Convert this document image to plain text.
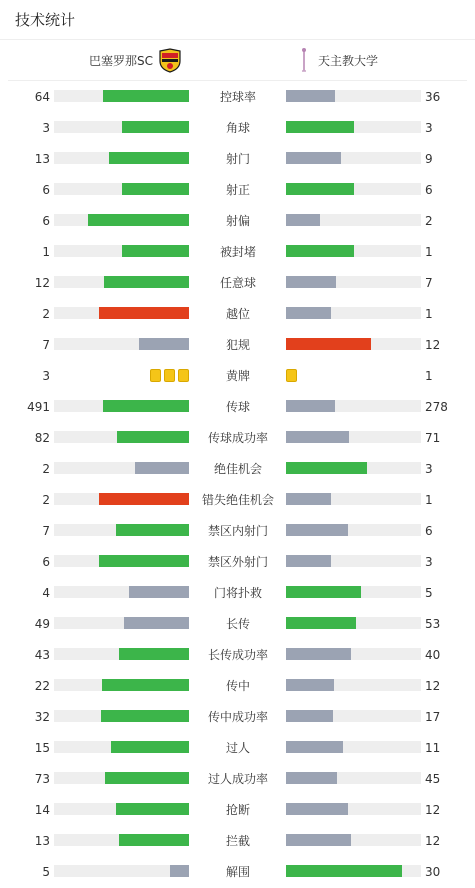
技术统计
巴塞罗那SC	天主教大学
64	控球率	36
3	角球	3
13	射门	9
6	射正	6
6	射偏	2
1	被封堵	1
12	任意球	7
2	越位	1
7	犯规	12
3	黄牌	1
491	传球	278
82	传球成功率	71
2	绝佳机会	3
2	错失绝佳机会	1
7	禁区内射门	6
6	禁区外射门	3
4	门将扑救	5
49	长传	53
43	长传成功率	40
22	传中	12
32	传中成功率	17
15	过人	11
73	过人成功率	45
14	抢断	12
13	拦截	12
5	解围	30
